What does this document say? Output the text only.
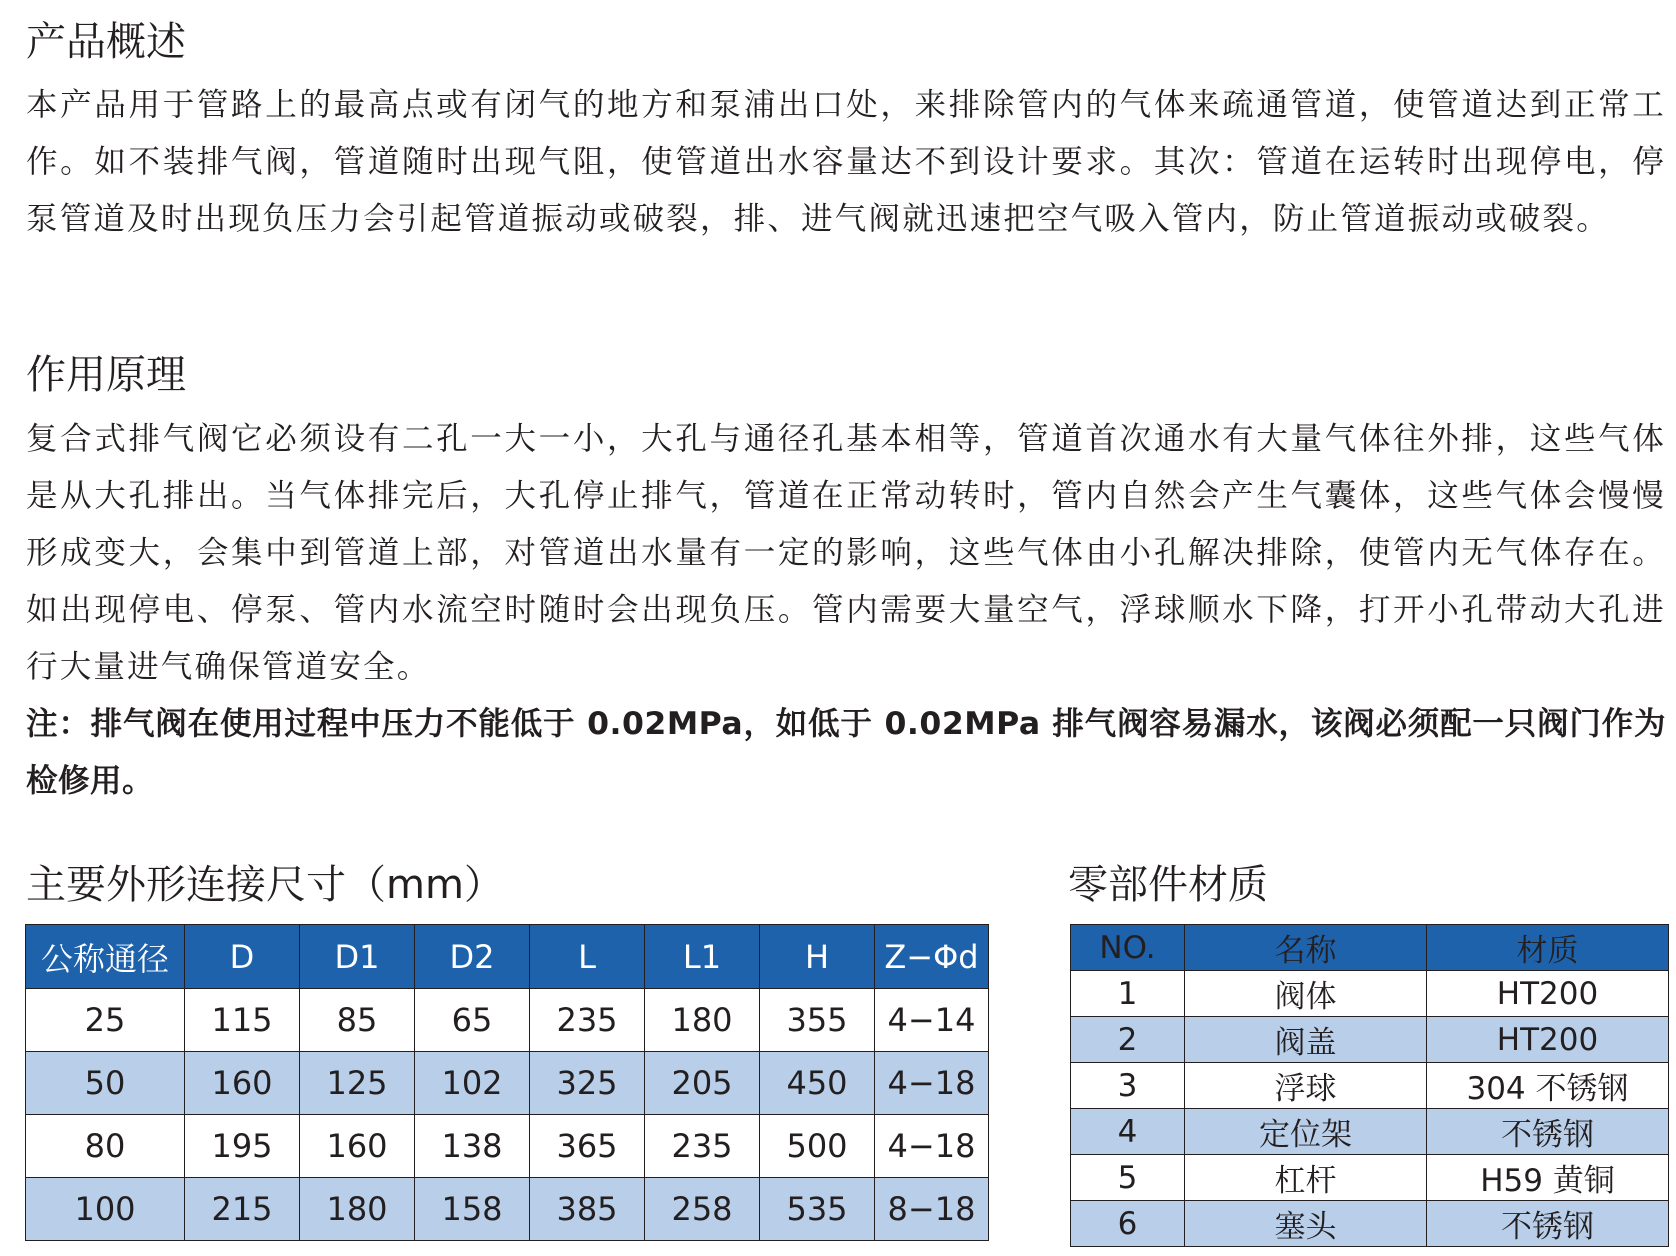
产品概述

本产品用于管路上的最高点或有闭气的地方和泵浦出口处，来排除管内的气体来疏通管道，使管道达到正常工作。如不装排气阀，管道随时出现气阻，使管道出水容量达不到设计要求。其次：管道在运转时出现停电，停泵管道及时出现负压力会引起管道振动或破裂，排、进气阀就迅速把空气吸入管内，防止管道振动或破裂。

作用原理

复合式排气阀它必须设有二孔一大一小，大孔与通径孔基本相等，管道首次通水有大量气体往外排，这些气体是从大孔排出。当气体排完后，大孔停止排气，管道在正常动转时，管内自然会产生气囊体，这些气体会慢慢形成变大，会集中到管道上部，对管道出水量有一定的影响，这些气体由小孔解决排除，使管内无气体存在。如出现停电、停泵、管内水流空时随时会出现负压。管内需要大量空气，浮球顺水下降，打开小孔带动大孔进行大量进气确保管道安全。

注：排气阀在使用过程中压力不能低于 0.02MPa，如低于 0.02MPa 排气阀容易漏水，该阀必须配一只阀门作为检修用。

主要外形连接尺寸（mm）	零部件材质
公称通径	D	D1	D2	L	L1	H	Z−Φd
25	115	85	65	235	180	355	4−14
50	160	125	102	325	205	450	4−18
80	195	160	138	365	235	500	4−18
100	215	180	158	385	258	535	8−18
NO.	名称	材质
1	阀体	HT200
2	阀盖	HT200
3	浮球	304 不锈钢
4	定位架	不锈钢
5	杠杆	H59 黄铜
6	塞头	不锈钢
